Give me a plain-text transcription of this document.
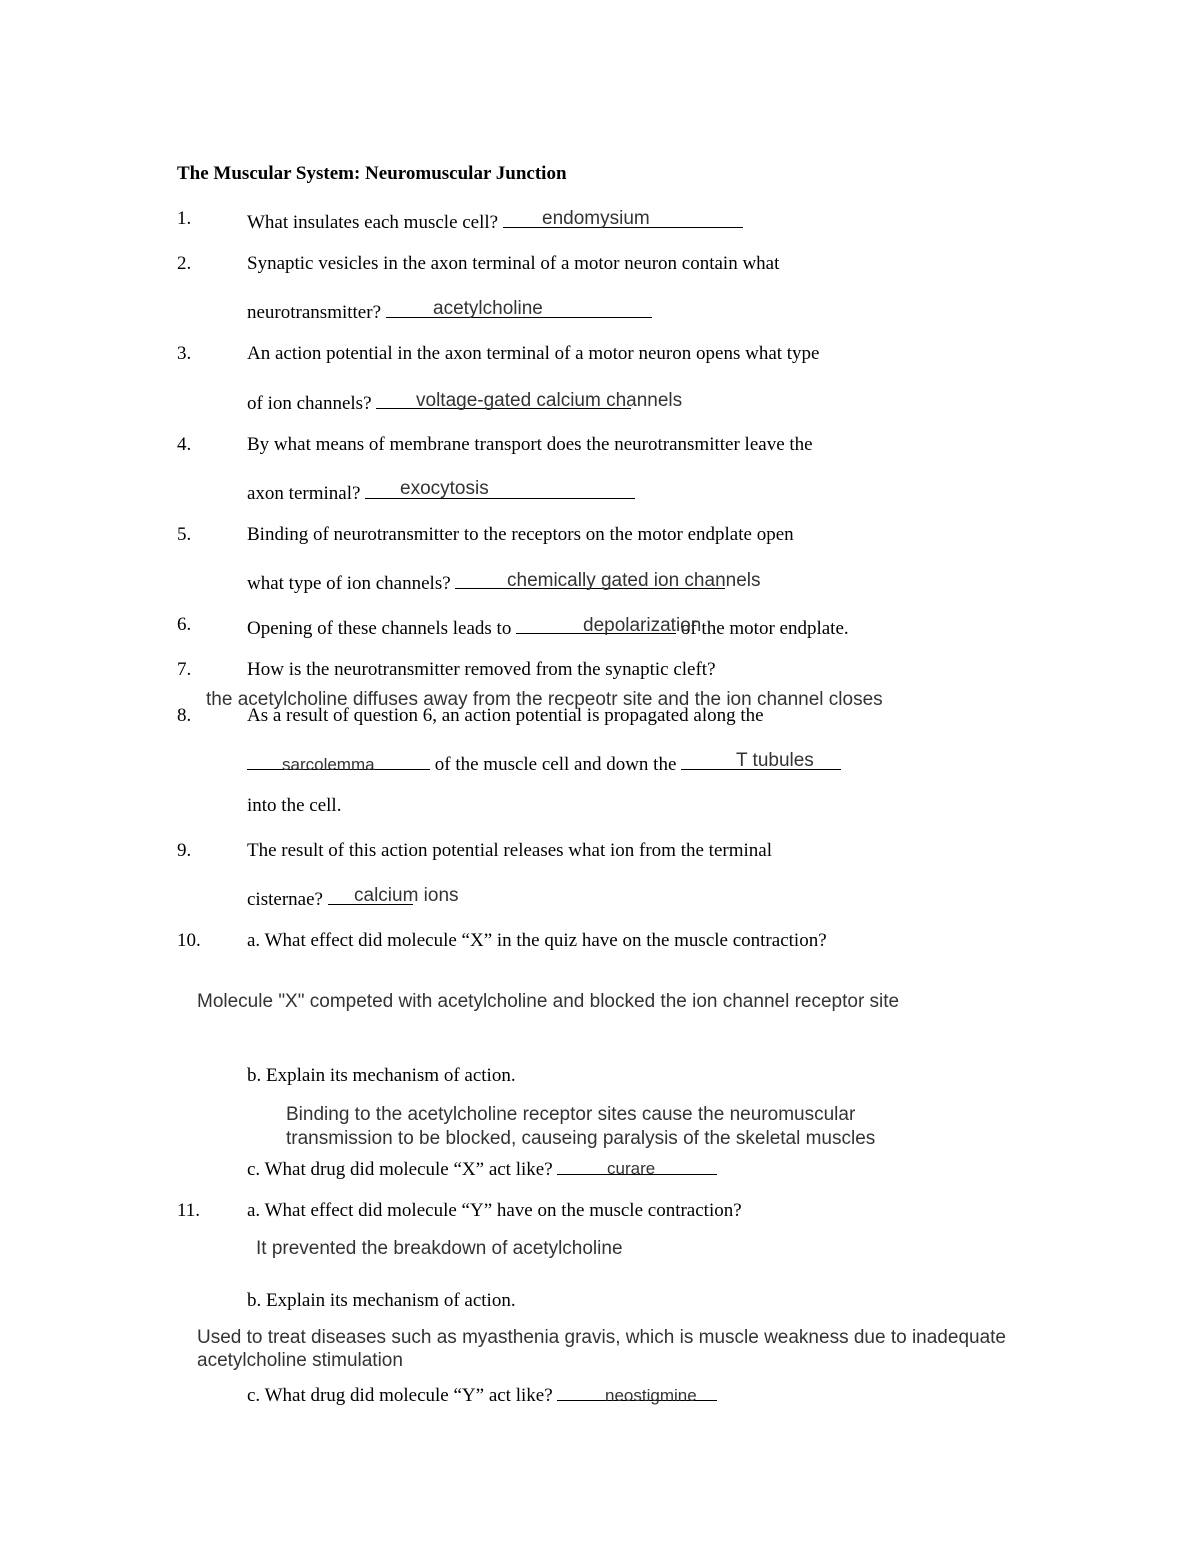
The Muscular System: Neuromuscular Junction
1.	What insulates each muscle cell?	endomysium
2.	Synaptic vesicles in the axon terminal of a motor neuron contain what
neurotransmitter?	acetylcholine
3.	An action potential in the axon terminal of a motor neuron opens what type
of ion channels?	voltage-gated calcium channels
4.	By what means of membrane transport does the neurotransmitter leave the
axon terminal?	exocytosis
5.	Binding of neurotransmitter to the receptors on the motor endplate open
what type of ion channels?	chemically gated ion channels
6.	Opening of these channels leads to	of the motor endplate.
depolarization
7.	How is the neurotransmitter removed from the synaptic cleft?
the acetylcholine diffuses away from the recpeotr site and the ion channel closes
8.	As a result of question 6, an action potential is propagated along the
of the muscle cell and down the
sarcolemma	T tubules
into the cell.
9.	The result of this action potential releases what ion from the terminal
cisternae?	calcium ions
10. a. What effect did molecule “X” in the quiz have on the muscle contraction?
Molecule "X" competed with acetylcholine and blocked the ion channel receptor site
b. Explain its mechanism of action.
Binding to the acetylcholine receptor sites cause the neuromuscular
transmission to be blocked, causeing paralysis of the skeletal muscles
c. What drug did molecule “X” act like?	curare
11. a. What effect did molecule “Y” have on the muscle contraction?
It prevented the breakdown of acetylcholine
b. Explain its mechanism of action.
Used to treat diseases such as myasthenia gravis, which is muscle weakness due to inadequate
acetylcholine stimulation
c. What drug did molecule “Y” act like?	neostigmine
